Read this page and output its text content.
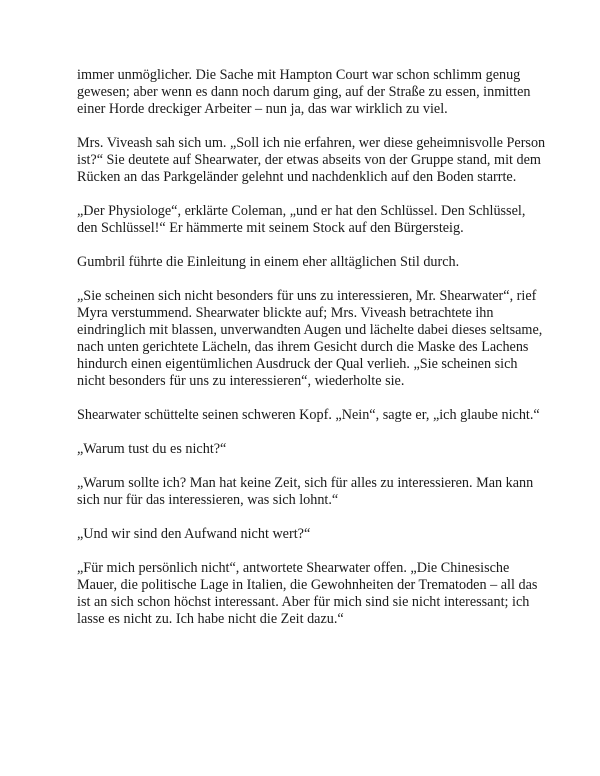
immer unmöglicher. Die Sache mit Hampton Court war schon schlimm genug gewesen; aber wenn es dann noch darum ging, auf der Straße zu essen, inmitten einer Horde dreckiger Arbeiter – nun ja, das war wirklich zu viel.

Mrs. Viveash sah sich um. „Soll ich nie erfahren, wer diese geheimnisvolle Person ist?“ Sie deutete auf Shearwater, der etwas abseits von der Gruppe stand, mit dem Rücken an das Parkgeländer gelehnt und nachdenklich auf den Boden starrte.

„Der Physiologe“, erklärte Coleman, „und er hat den Schlüssel. Den Schlüssel, den Schlüssel!“ Er hämmerte mit seinem Stock auf den Bürgersteig.

Gumbril führte die Einleitung in einem eher alltäglichen Stil durch.

„Sie scheinen sich nicht besonders für uns zu interessieren, Mr. Shearwater“, rief Myra verstummend. Shearwater blickte auf; Mrs. Viveash betrachtete ihn eindringlich mit blassen, unverwandten Augen und lächelte dabei dieses seltsame, nach unten gerichtete Lächeln, das ihrem Gesicht durch die Maske des Lachens hindurch einen eigentümlichen Ausdruck der Qual verlieh. „Sie scheinen sich nicht besonders für uns zu interessieren“, wiederholte sie.

Shearwater schüttelte seinen schweren Kopf. „Nein“, sagte er, „ich glaube nicht.“

„Warum tust du es nicht?“

„Warum sollte ich? Man hat keine Zeit, sich für alles zu interessieren. Man kann sich nur für das interessieren, was sich lohnt.“

„Und wir sind den Aufwand nicht wert?“

„Für mich persönlich nicht“, antwortete Shearwater offen. „Die Chinesische Mauer, die politische Lage in Italien, die Gewohnheiten der Trematoden – all das ist an sich schon höchst interessant. Aber für mich sind sie nicht interessant; ich lasse es nicht zu. Ich habe nicht die Zeit dazu.“
